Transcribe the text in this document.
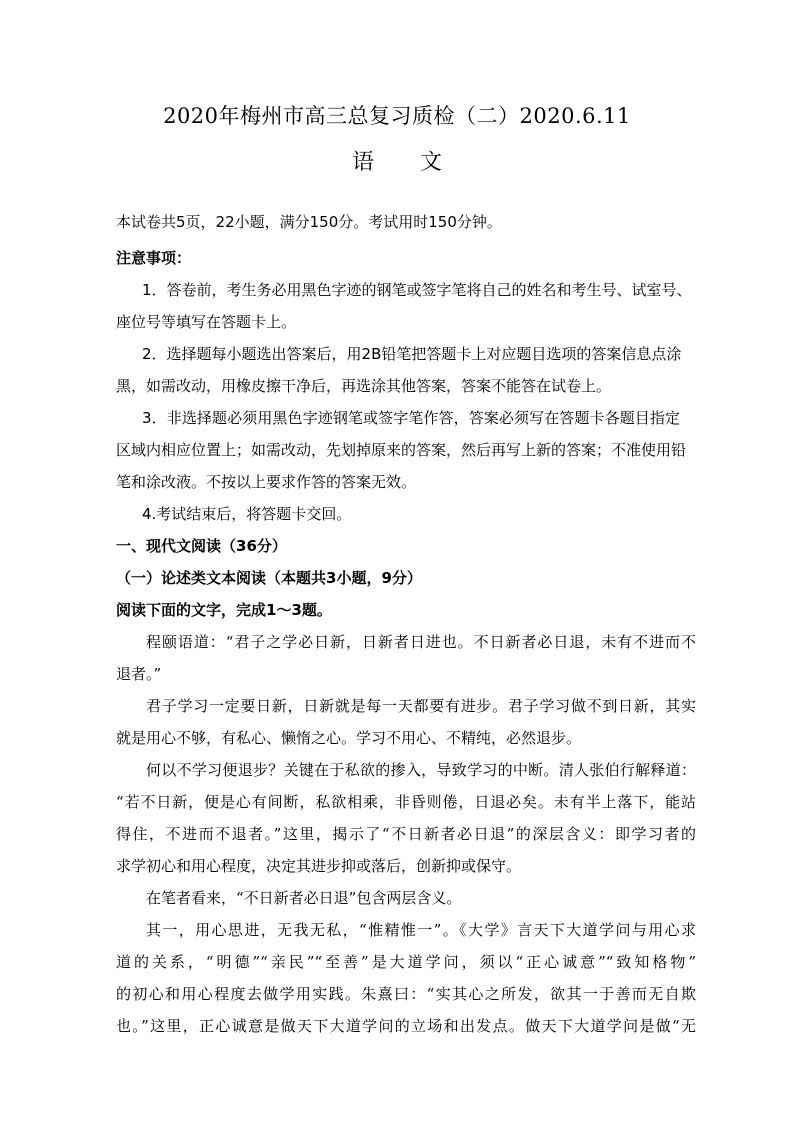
2020年梅州市高三总复习质检（二）2020.6.11
语 文
本试卷共5页，22小题，满分150分。考试用时150分钟。
注意事项：
1．答卷前，考生务必用黑色字迹的钢笔或签字笔将自己的姓名和考生号、试室号、
座位号等填写在答题卡上。
2．选择题每小题选出答案后，用2B铅笔把答题卡上对应题目选项的答案信息点涂
黑，如需改动，用橡皮擦干净后，再选涂其他答案，答案不能答在试卷上。
3．非选择题必须用黑色字迹钢笔或签字笔作答，答案必须写在答题卡各题目指定
区域内相应位置上；如需改动，先划掉原来的答案，然后再写上新的答案；不准使用铅
笔和涂改液。不按以上要求作答的答案无效。
4.考试结束后，将答题卡交回。
一、现代文阅读（36分）
（一）论述类文本阅读（本题共3小题，9分）
阅读下面的文字，完成1～3题。
程颐语道：“君子之学必日新，日新者日进也。不日新者必日退，未有不进而不
退者。”
君子学习一定要日新，日新就是每一天都要有进步。君子学习做不到日新，其实
就是用心不够，有私心、懒惰之心。学习不用心、不精纯，必然退步。
何以不学习便退步？关键在于私欲的掺入，导致学习的中断。清人张伯行解释道：
“若不日新，便是心有间断，私欲相乘，非昏则倦，日退必矣。未有半上落下，能站
得住，不进而不退者。”这里，揭示了“不日新者必日退”的深层含义：即学习者的
求学初心和用心程度，决定其进步抑或落后，创新抑或保守。
在笔者看来，“不日新者必日退”包含两层含义。
其一，用心思进，无我无私，“惟精惟一”。《大学》言天下大道学问与用心求
道的关系，“明德”“亲民”“至善”是大道学问，须以“正心诚意”“致知格物”
的初心和用心程度去做学用实践。朱熹曰：“实其心之所发，欲其一于善而无自欺
也。”这里，正心诚意是做天下大道学问的立场和出发点。做天下大道学问是做“无
